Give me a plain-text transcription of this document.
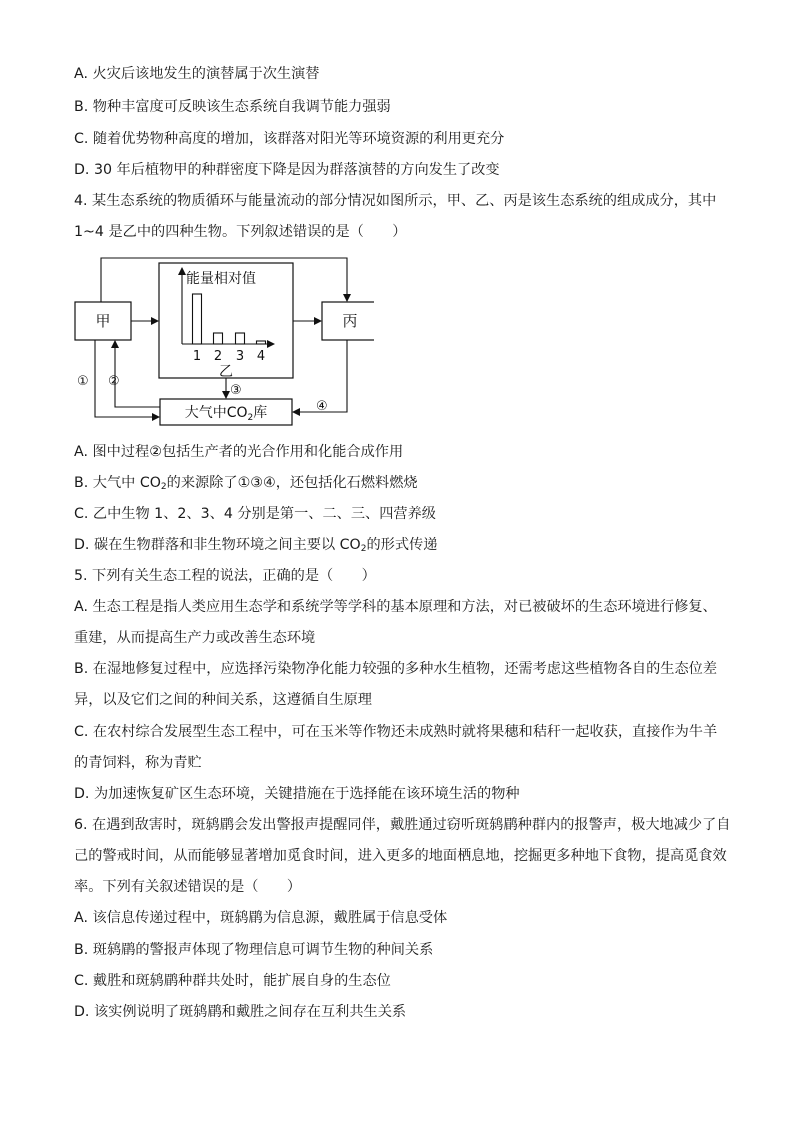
A. 火灾后该地发生的演替属于次生演替
B. 物种丰富度可反映该生态系统自我调节能力强弱
C. 随着优势物种高度的增加，该群落对阳光等环境资源的利用更充分
D. 30 年后植物甲的种群密度下降是因为群落演替的方向发生了改变
4. 某生态系统的物质循环与能量流动的部分情况如图所示，甲、乙、丙是该生态系统的组成成分，其中
1~4 是乙中的四种生物。下列叙述错误的是（　　）
甲	丙
大气中$CO_2$库
能量相对值
1 2 3 4
乙
① ②
③
④
A. 图中过程②包括生产者的光合作用和化能合成作用
B. 大气中 $CO_2$的来源除了①③④，还包括化石燃料燃烧
C. 乙中生物 1、2、3、4 分别是第一、二、三、四营养级
D. 碳在生物群落和非生物环境之间主要以 $CO_2$的形式传递
5. 下列有关生态工程的说法，正确的是（　　）
A. 生态工程是指人类应用生态学和系统学等学科的基本原理和方法，对已被破坏的生态环境进行修复、
重建，从而提高生产力或改善生态环境
B. 在湿地修复过程中，应选择污染物净化能力较强的多种水生植物，还需考虑这些植物各自的生态位差
异，以及它们之间的种间关系，这遵循自生原理
C. 在农村综合发展型生态工程中，可在玉米等作物还未成熟时就将果穗和秸秆一起收获，直接作为牛羊
的青饲料，称为青贮
D. 为加速恢复矿区生态环境，关键措施在于选择能在该环境生活的物种
6. 在遇到敌害时，斑鸫鹛会发出警报声提醒同伴，戴胜通过窃听斑鸫鹛种群内的报警声，极大地减少了自
己的警戒时间，从而能够显著增加觅食时间，进入更多的地面栖息地，挖掘更多种地下食物，提高觅食效
率。下列有关叙述错误的是（　　）
A. 该信息传递过程中，斑鸫鹛为信息源，戴胜属于信息受体
B. 斑鸫鹛的警报声体现了物理信息可调节生物的种间关系
C. 戴胜和斑鸫鹛种群共处时，能扩展自身的生态位
D. 该实例说明了斑鸫鹛和戴胜之间存在互利共生关系
